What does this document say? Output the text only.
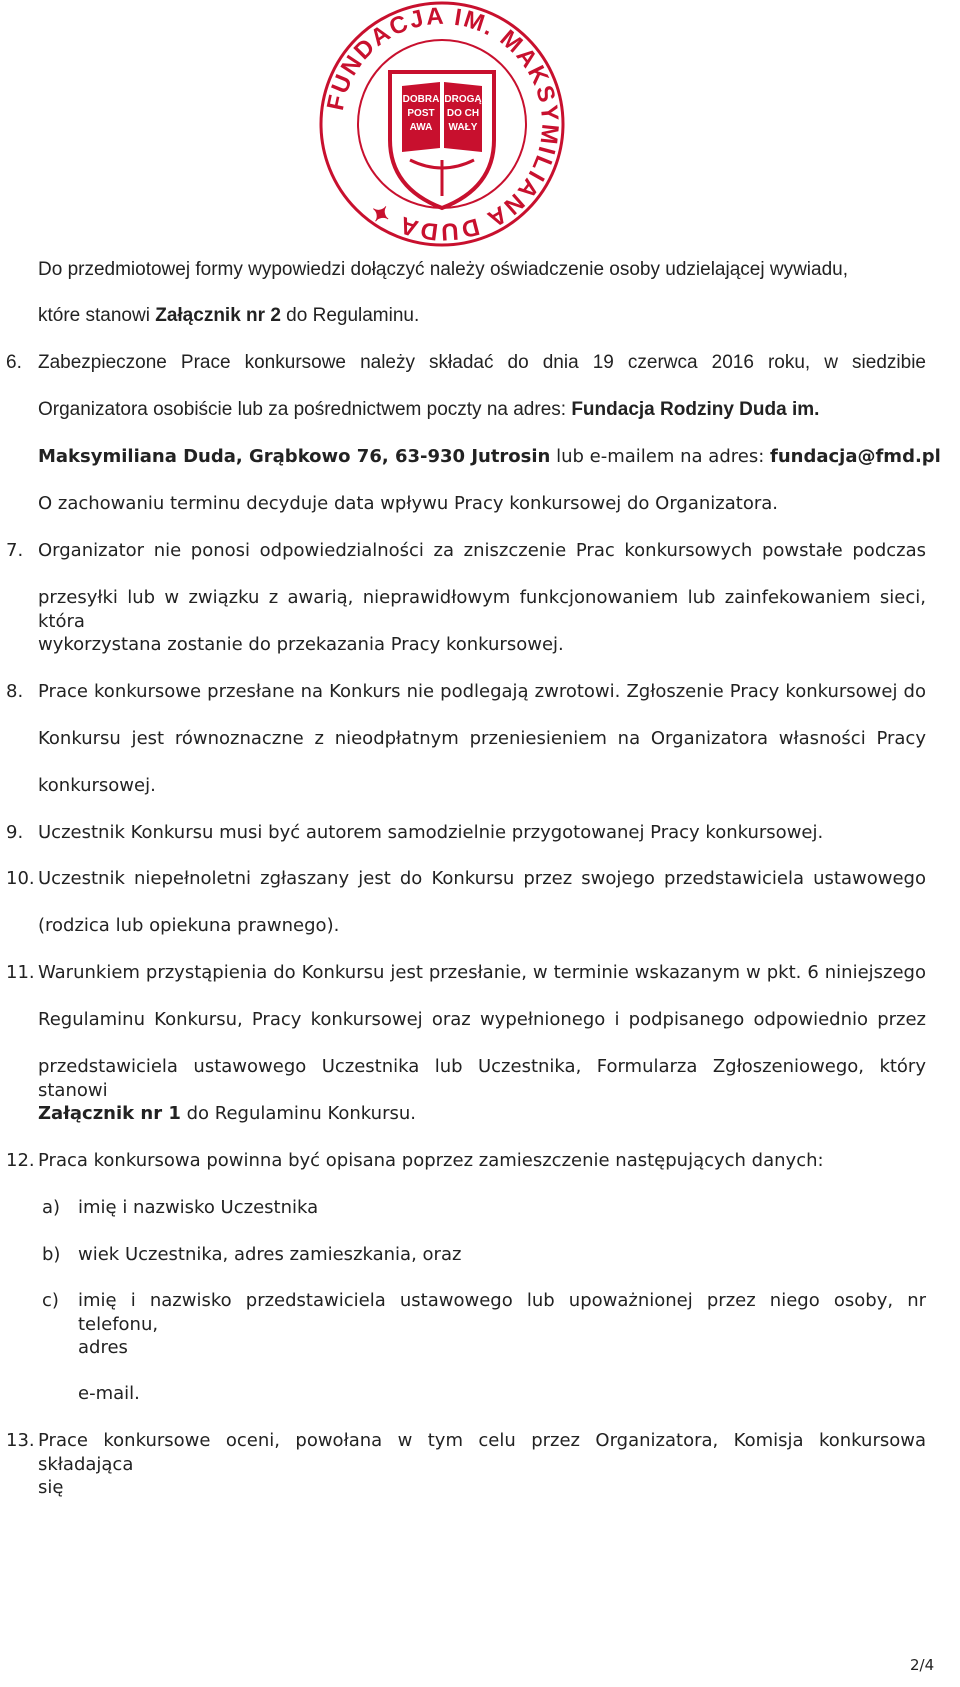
FUNDACJA IM. MAKSYMILIANA DUDA ✦
DOBRA
POST
AWA
DROGĄ
DO CH
WAŁY
Do przedmiotowej formy wypowiedzi dołączyć należy oświadczenie osoby udzielającej wywiadu,
które stanowi Załącznik nr 2 do Regulaminu.
6. Zabezpieczone Prace konkursowe należy składać do dnia 19 czerwca 2016 roku, w siedzibie
Organizatora osobiście lub za pośrednictwem poczty na adres: Fundacja Rodziny Duda im.
Maksymiliana Duda, Grąbkowo 76, 63-930 Jutrosin lub e-mailem na adres: fundacja@fmd.pl
O zachowaniu terminu decyduje data wpływu Pracy konkursowej do Organizatora.
7. Organizator nie ponosi odpowiedzialności za zniszczenie Prac konkursowych powstałe podczas
przesyłki lub w związku z awarią, nieprawidłowym funkcjonowaniem lub zainfekowaniem sieci, która
wykorzystana zostanie do przekazania Pracy konkursowej.
8. Prace konkursowe przesłane na Konkurs nie podlegają zwrotowi. Zgłoszenie Pracy konkursowej do
Konkursu jest równoznaczne z nieodpłatnym przeniesieniem na Organizatora własności Pracy
konkursowej.
9. Uczestnik Konkursu musi być autorem samodzielnie przygotowanej Pracy konkursowej.
10. Uczestnik niepełnoletni zgłaszany jest do Konkursu przez swojego przedstawiciela ustawowego
(rodzica lub opiekuna prawnego).
11. Warunkiem przystąpienia do Konkursu jest przesłanie, w terminie wskazanym w pkt. 6 niniejszego
Regulaminu Konkursu, Pracy konkursowej oraz wypełnionego i podpisanego odpowiednio przez
przedstawiciela ustawowego Uczestnika lub Uczestnika, Formularza Zgłoszeniowego, który stanowi
Załącznik nr 1 do Regulaminu Konkursu.
12. Praca konkursowa powinna być opisana poprzez zamieszczenie następujących danych:
a) imię i nazwisko Uczestnika
b) wiek Uczestnika, adres zamieszkania, oraz
c) imię i nazwisko przedstawiciela ustawowego lub upoważnionej przez niego osoby, nr telefonu,
adres
e-mail.
13. Prace konkursowe oceni, powołana w tym celu przez Organizatora, Komisja konkursowa składająca
się
2/4
